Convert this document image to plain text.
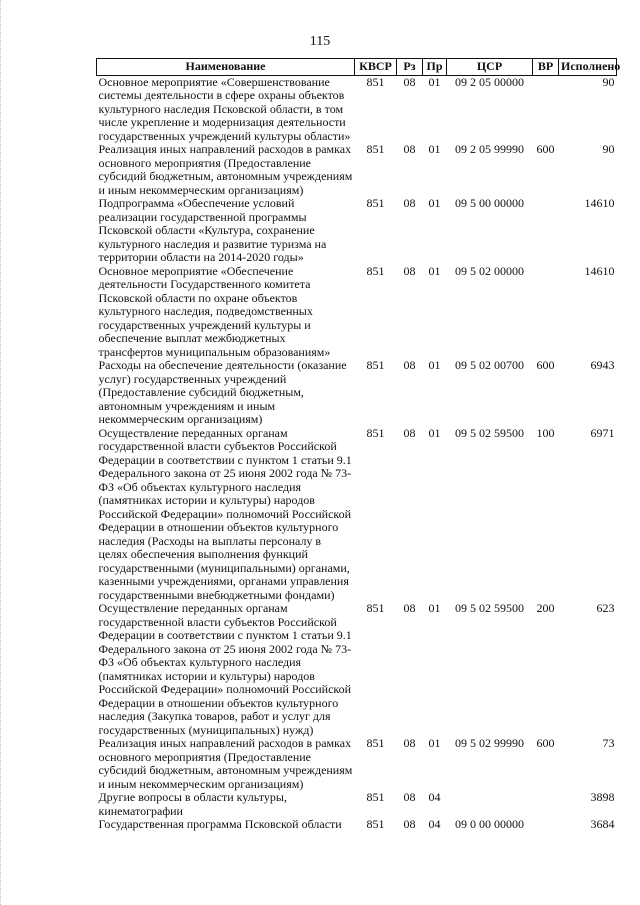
115
Наименование	КВСР	Рз	Пр	ЦСР	ВР	Исполнено
Основное мероприятие «Совершенствование системы деятельности в сфере охраны объектов культурного наследия Псковской области, в том числе укрепление и модернизация деятельности государственных учреждений культуры области»	851	08	01	09 2 05 00000		90
Реализация иных направлений расходов в рамках основного мероприятия (Предоставление субсидий бюджетным, автономным учреждениям и иным некоммерческим организациям)	851	08	01	09 2 05 99990	600	90
Подпрограмма «Обеспечение условий реализации государственной программы Псковской области «Культура, сохранение культурного наследия и развитие туризма на территории области на 2014-2020 годы»	851	08	01	09 5 00 00000		14610
Основное мероприятие «Обеспечение деятельности Государственного комитета Псковской области по охране объектов культурного наследия, подведомственных государственных учреждений культуры и обеспечение выплат межбюджетных трансфертов муниципальным образованиям»	851	08	01	09 5 02 00000		14610
Расходы на обеспечение деятельности (оказание услуг) государственных учреждений (Предоставление субсидий бюджетным, автономным учреждениям и иным некоммерческим организациям)	851	08	01	09 5 02 00700	600	6943
Осуществление переданных органам государственной власти субъектов Российской Федерации в соответствии с пунктом 1 статьи 9.1 Федерального закона от 25 июня 2002 года № 73-ФЗ «Об объектах культурного наследия (памятниках истории и культуры) народов Российской Федерации» полномочий Российской Федерации в отношении объектов культурного наследия (Расходы на выплаты персоналу в целях обеспечения выполнения функций государственными (муниципальными) органами, казенными учреждениями, органами управления государственными внебюджетными фондами)	851	08	01	09 5 02 59500	100	6971
Осуществление переданных органам государственной власти субъектов Российской Федерации в соответствии с пунктом 1 статьи 9.1 Федерального закона от 25 июня 2002 года № 73-ФЗ «Об объектах культурного наследия (памятниках истории и культуры) народов Российской Федерации» полномочий Российской Федерации в отношении объектов культурного наследия (Закупка товаров, работ и услуг для государственных (муниципальных) нужд)	851	08	01	09 5 02 59500	200	623
Реализация иных направлений расходов в рамках основного мероприятия (Предоставление субсидий бюджетным, автономным учреждениям и иным некоммерческим организациям)	851	08	01	09 5 02 99990	600	73
Другие вопросы в области культуры, кинематографии	851	08	04			3898
Государственная программа Псковской области	851	08	04	09 0 00 00000		3684
